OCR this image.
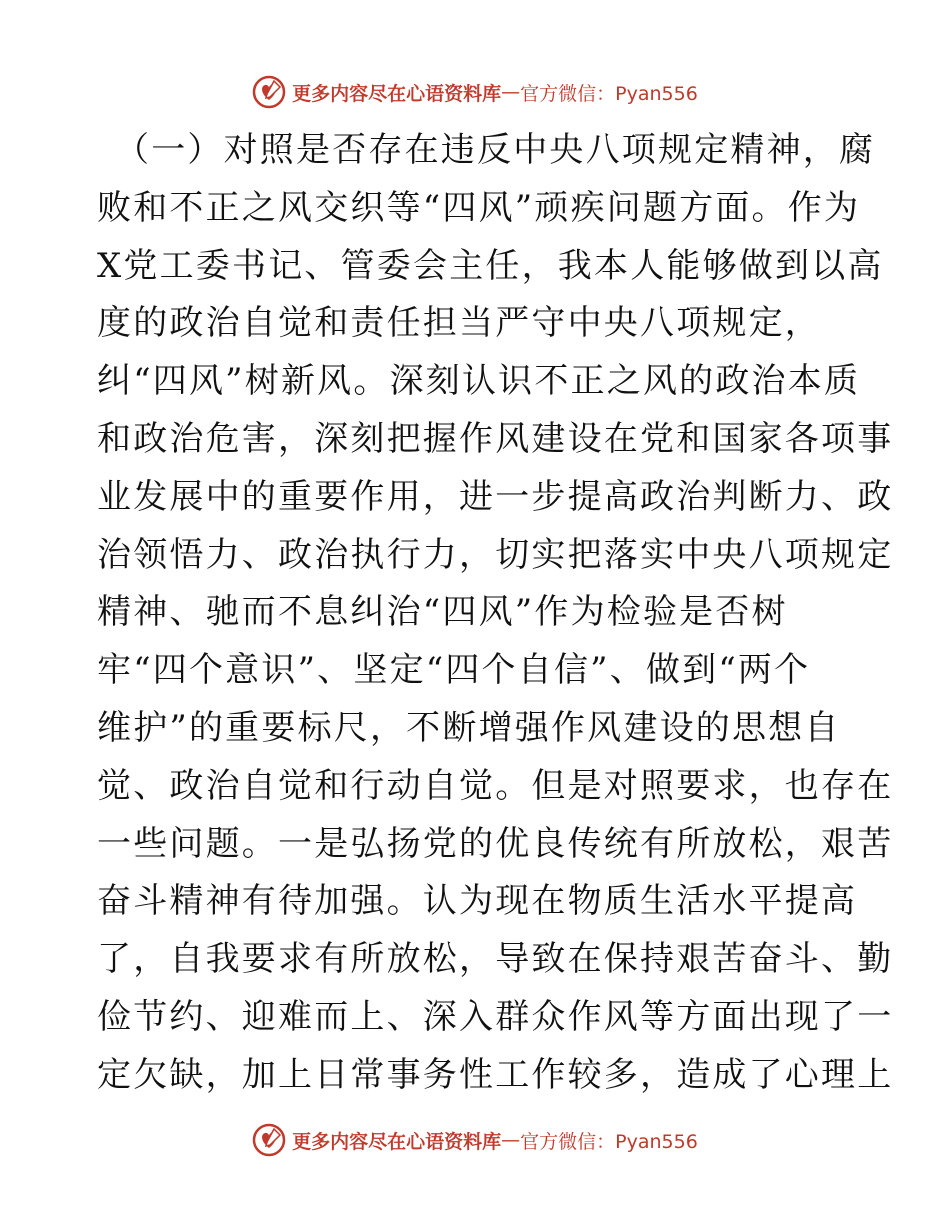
更多内容尽在心语资料库 — 官方微信：Pyan556
（一）对照是否存在违反中央八项规定精神，腐
败和不正之风交织等“四风”顽疾问题方面。作为
X党工委书记、管委会主任，我本人能够做到以高
度的政治自觉和责任担当严守中央八项规定，
纠“四风”树新风。深刻认识不正之风的政治本质
和政治危害，深刻把握作风建设在党和国家各项事
业发展中的重要作用，进一步提高政治判断力、政
治领悟力、政治执行力，切实把落实中央八项规定
精神、驰而不息纠治“四风”作为检验是否树
牢“四个意识”、坚定“四个自信”、做到“两个
维护”的重要标尺，不断增强作风建设的思想自
觉、政治自觉和行动自觉。但是对照要求，也存在
一些问题。一是弘扬党的优良传统有所放松，艰苦
奋斗精神有待加强。认为现在物质生活水平提高
了，自我要求有所放松，导致在保持艰苦奋斗、勤
俭节约、迎难而上、深入群众作风等方面出现了一
定欠缺，加上日常事务性工作较多，造成了心理上
更多内容尽在心语资料库 — 官方微信：Pyan556
